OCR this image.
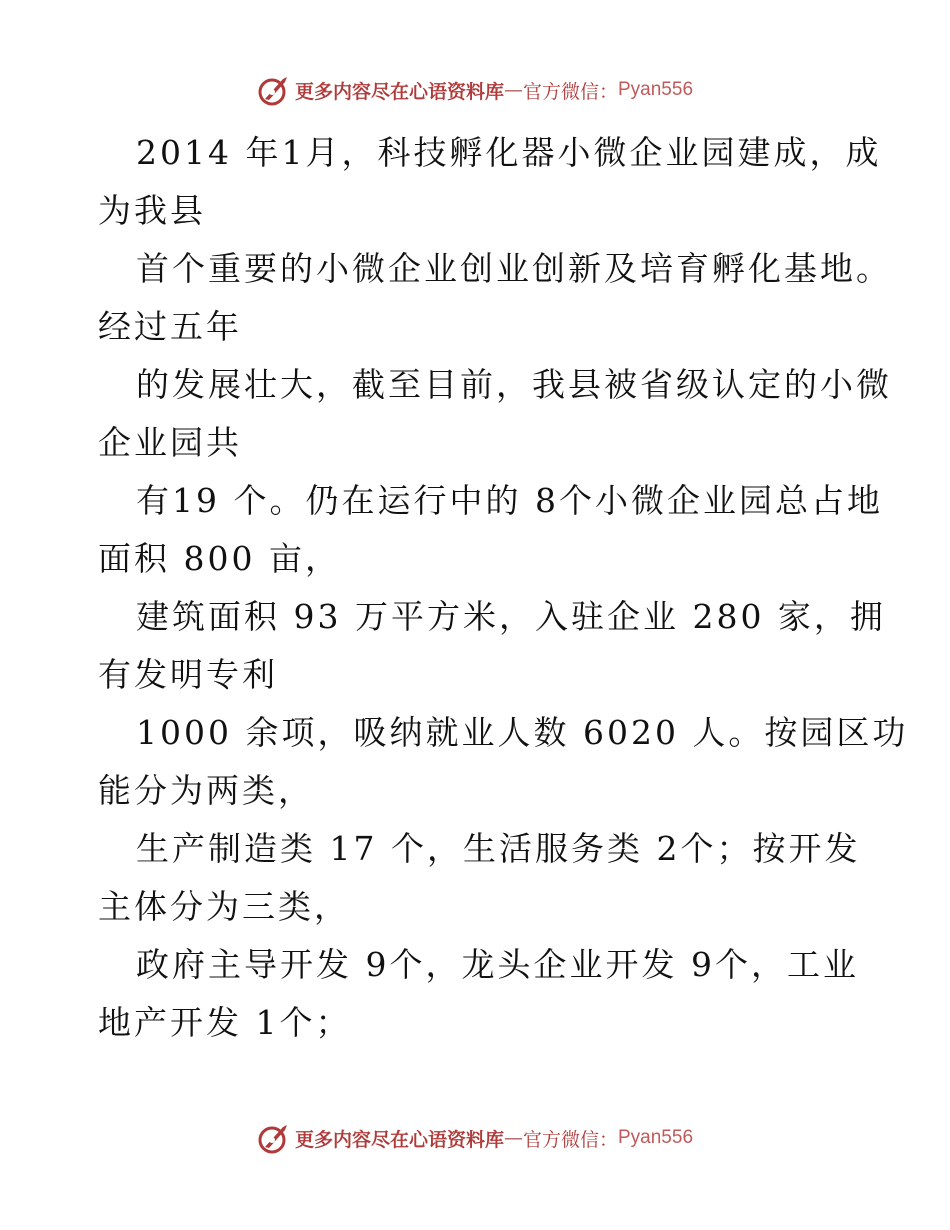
更多内容尽在心语资料库 — 官方微信： Pyan556
2014 年1月，科技孵化器小微企业园建成，成
为我县
首个重要的小微企业创业创新及培育孵化基地。
经过五年
的发展壮大，截至目前，我县被省级认定的小微
企业园共
有19 个。仍在运行中的 8个小微企业园总占地
面积 800 亩，
建筑面积 93 万平方米，入驻企业 280 家，拥
有发明专利
1000 余项，吸纳就业人数 6020 人。按园区功
能分为两类，
生产制造类 17 个，生活服务类 2个；按开发
主体分为三类，
政府主导开发 9个，龙头企业开发 9个，工业
地产开发 1个；
更多内容尽在心语资料库 — 官方微信： Pyan556
